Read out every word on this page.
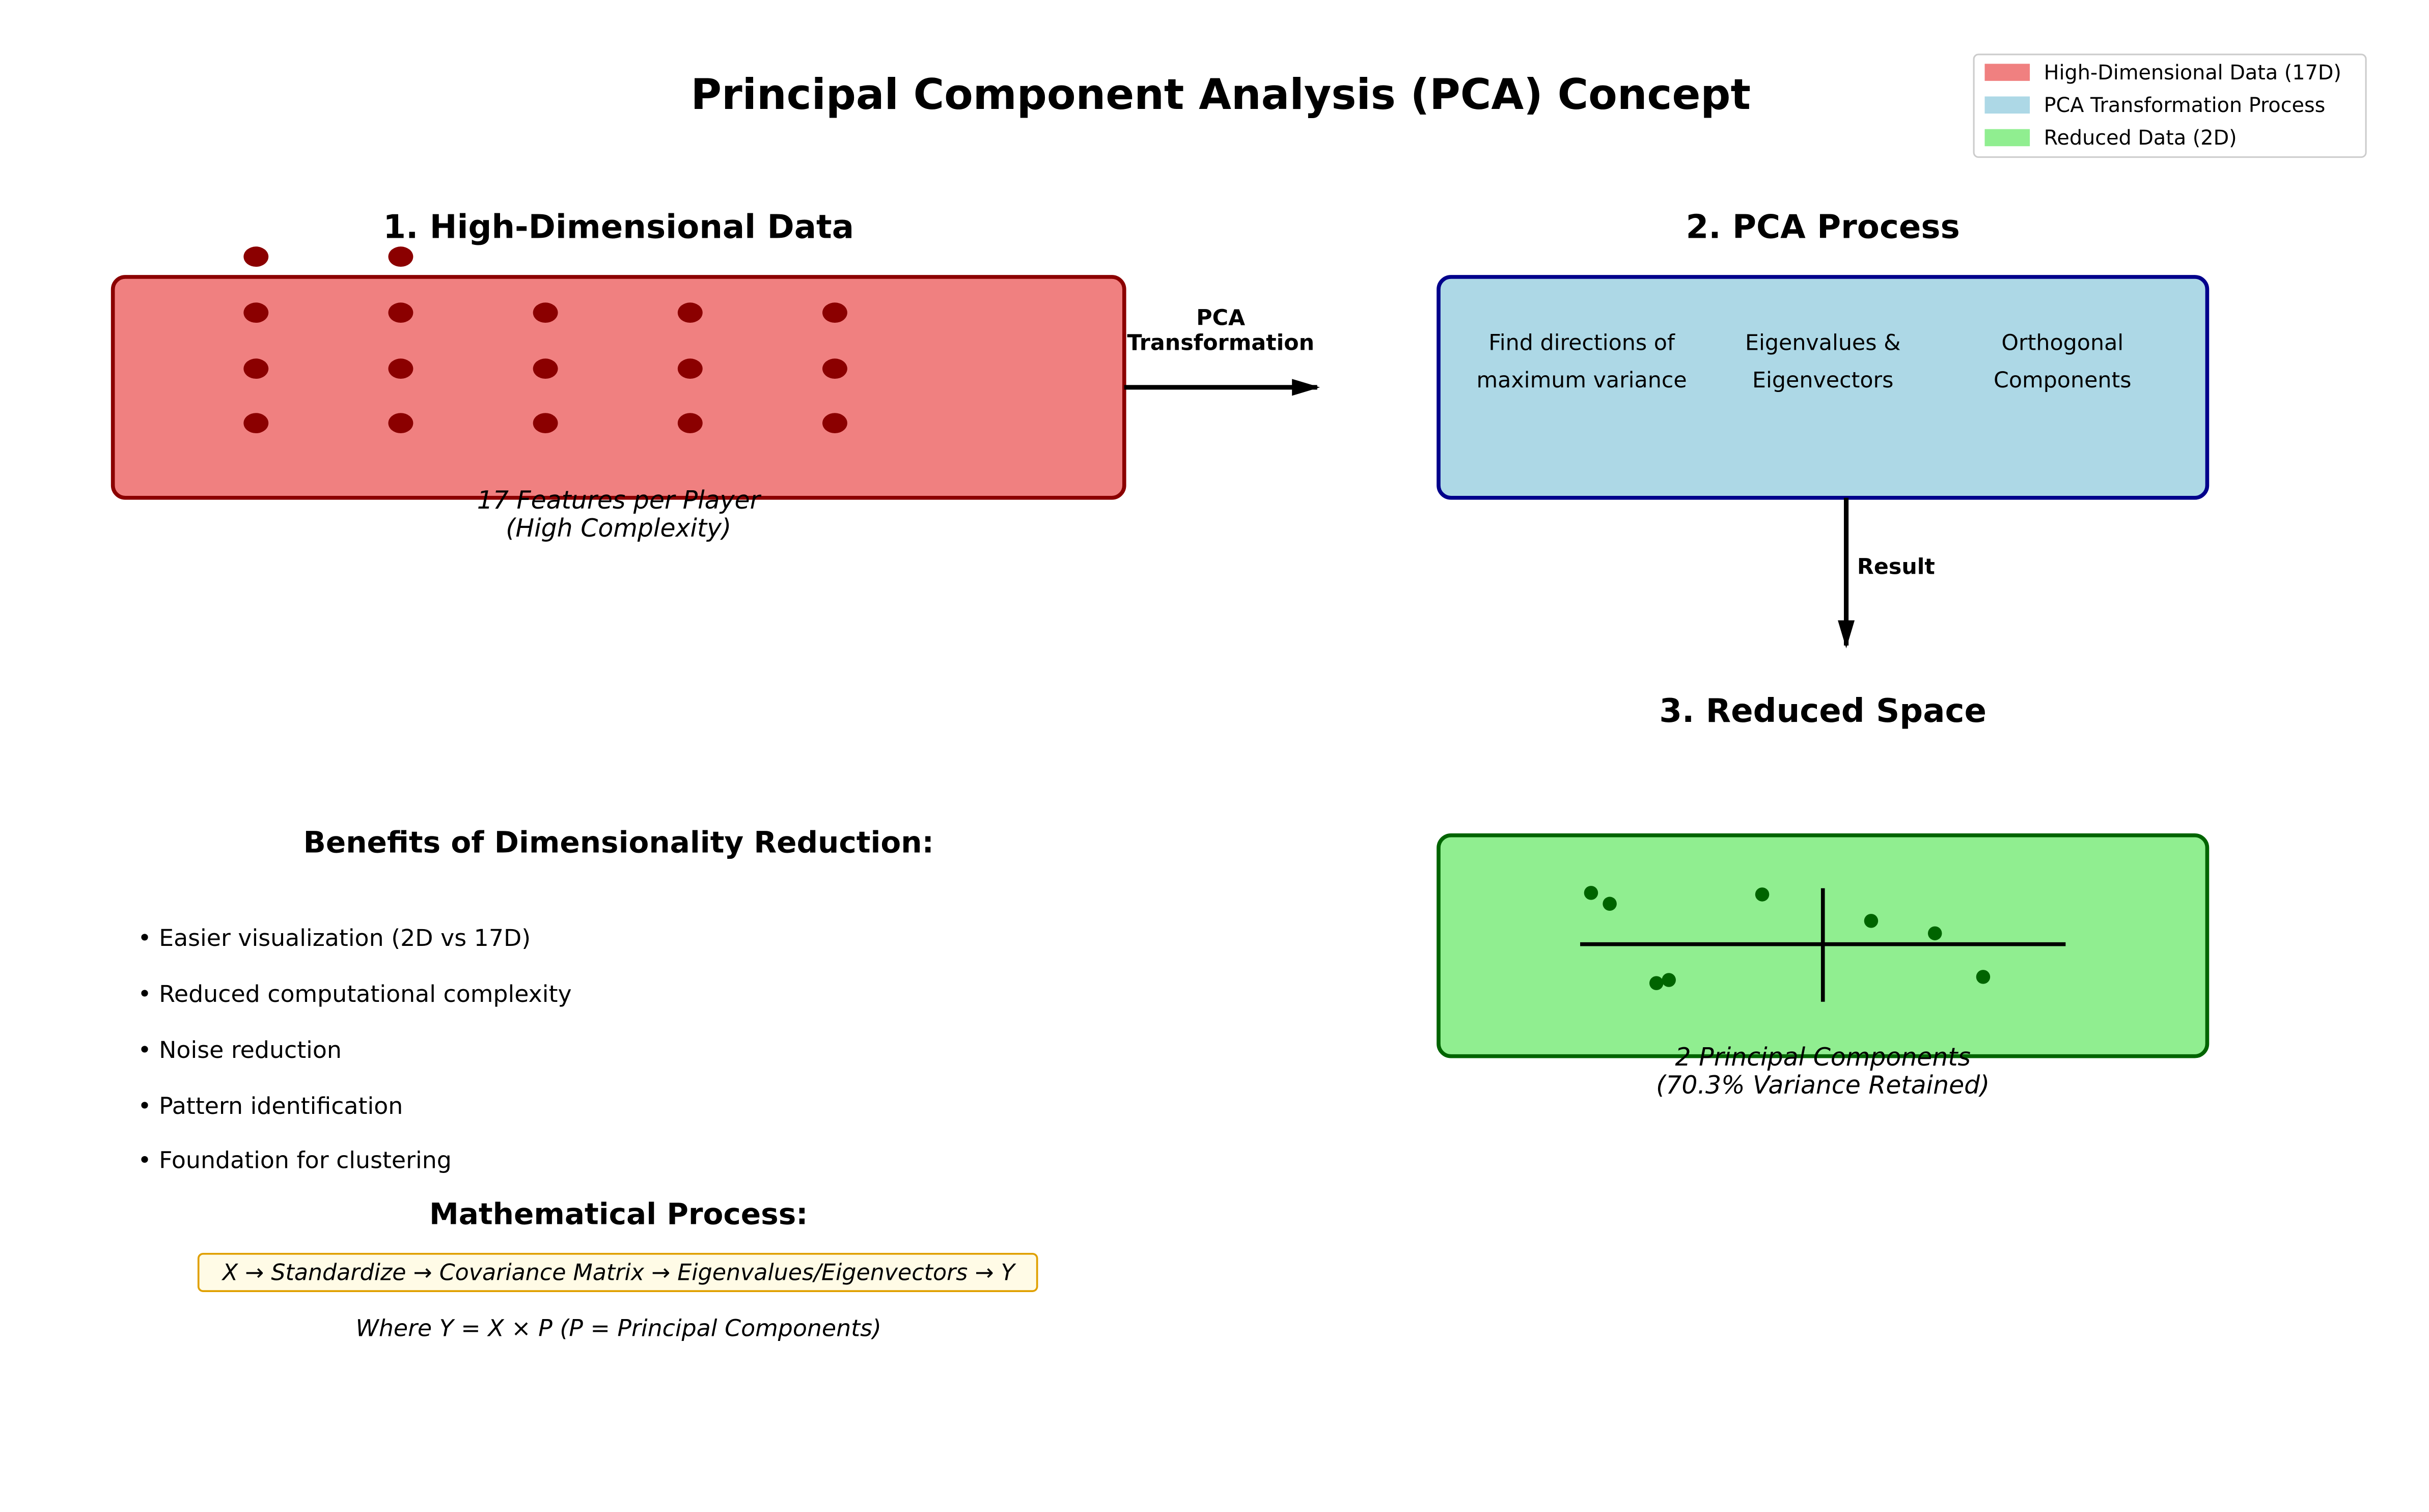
Principal Component Analysis (PCA) Concept	High-Dimensional Data (17D)
PCA Transformation Process
Reduced Data (2D)
1. High-Dimensional Data
17 Features per Player
(High Complexity)
PCA
Transformation
2. PCA Process
Find directions of
maximum variance
Eigenvalues &
Eigenvectors
Orthogonal
Components
Result
3. Reduced Space
2 Principal Components
(70.3% Variance Retained)
Benefits of Dimensionality Reduction:
• Easier visualization (2D vs 17D)
• Reduced computational complexity
• Noise reduction
• Pattern identification
• Foundation for clustering
Mathematical Process:
X → Standardize → Covariance Matrix → Eigenvalues/Eigenvectors → Y
Where Y = X × P (P = Principal Components)
